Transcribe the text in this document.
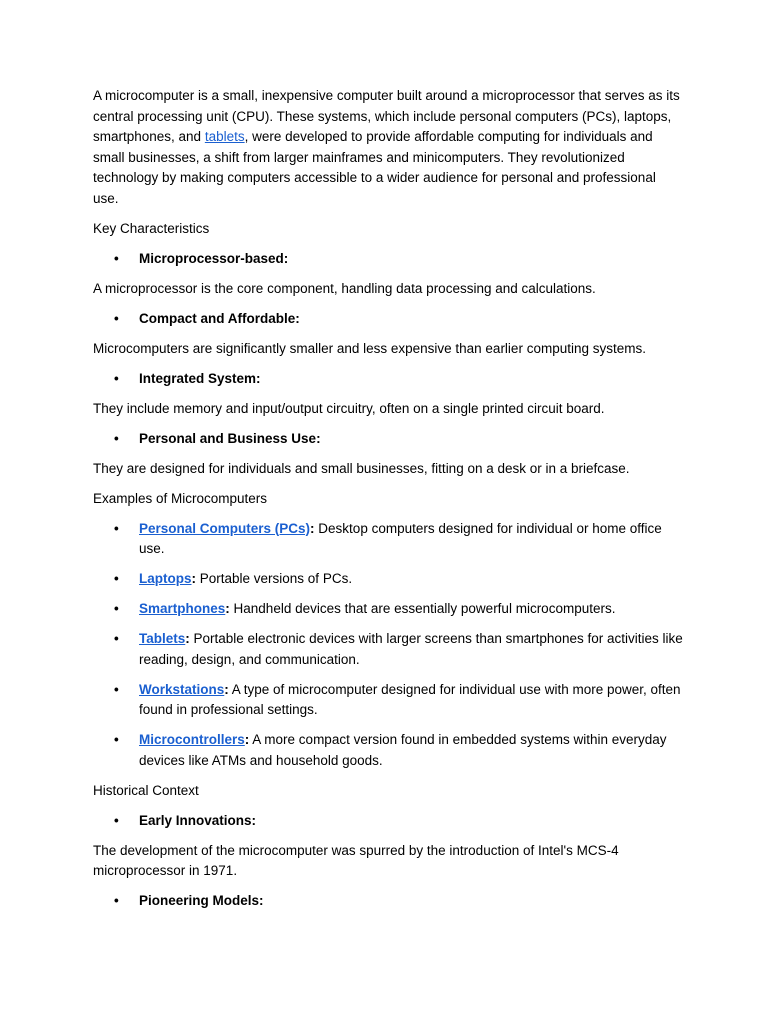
A microcomputer is a small, inexpensive computer built around a microprocessor that serves as its central processing unit (CPU). These systems, which include personal computers (PCs), laptops, smartphones, and tablets, were developed to provide affordable computing for individuals and small businesses, a shift from larger mainframes and minicomputers. They revolutionized technology by making computers accessible to a wider audience for personal and professional use.

Key Characteristics
• Microprocessor-based:

A microprocessor is the core component, handling data processing and calculations.

• Compact and Affordable:

Microcomputers are significantly smaller and less expensive than earlier computing systems.

• Integrated System:

They include memory and input/output circuitry, often on a single printed circuit board.

• Personal and Business Use:

They are designed for individuals and small businesses, fitting on a desk or in a briefcase.

Examples of Microcomputers
• Personal Computers (PCs): Desktop computers designed for individual or home office use.
• Laptops: Portable versions of PCs.
• Smartphones: Handheld devices that are essentially powerful microcomputers.
• Tablets: Portable electronic devices with larger screens than smartphones for activities like reading, design, and communication.
• Workstations: A type of microcomputer designed for individual use with more power, often found in professional settings.
• Microcontrollers: A more compact version found in embedded systems within everyday devices like ATMs and household goods.
Historical Context
• Early Innovations:

The development of the microcomputer was spurred by the introduction of Intel's MCS-4 microprocessor in 1971.

• Pioneering Models:
